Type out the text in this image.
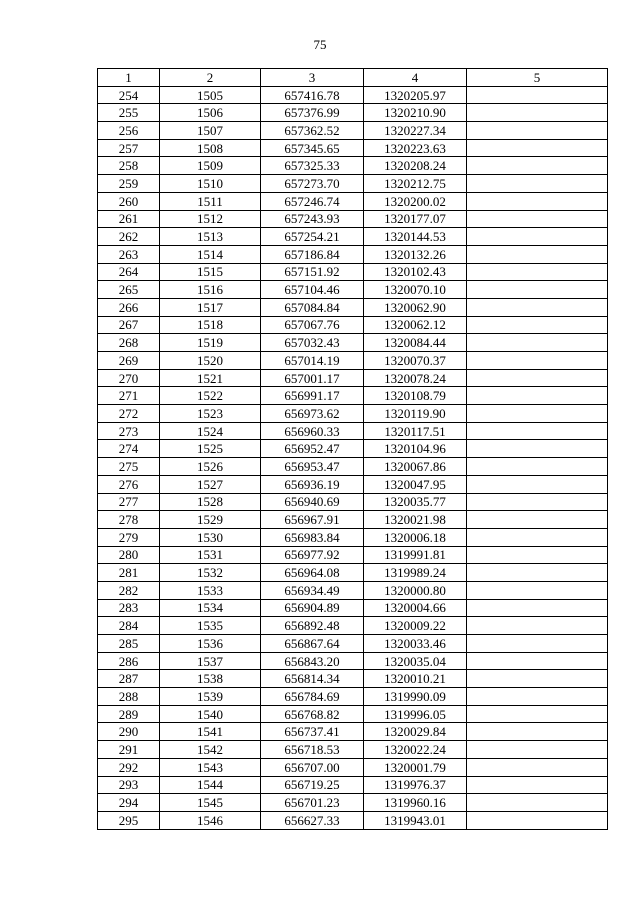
75
1	2	3	4	5
254	1505	657416.78	1320205.97	
255	1506	657376.99	1320210.90	
256	1507	657362.52	1320227.34	
257	1508	657345.65	1320223.63	
258	1509	657325.33	1320208.24	
259	1510	657273.70	1320212.75	
260	1511	657246.74	1320200.02	
261	1512	657243.93	1320177.07	
262	1513	657254.21	1320144.53	
263	1514	657186.84	1320132.26	
264	1515	657151.92	1320102.43	
265	1516	657104.46	1320070.10	
266	1517	657084.84	1320062.90	
267	1518	657067.76	1320062.12	
268	1519	657032.43	1320084.44	
269	1520	657014.19	1320070.37	
270	1521	657001.17	1320078.24	
271	1522	656991.17	1320108.79	
272	1523	656973.62	1320119.90	
273	1524	656960.33	1320117.51	
274	1525	656952.47	1320104.96	
275	1526	656953.47	1320067.86	
276	1527	656936.19	1320047.95	
277	1528	656940.69	1320035.77	
278	1529	656967.91	1320021.98	
279	1530	656983.84	1320006.18	
280	1531	656977.92	1319991.81	
281	1532	656964.08	1319989.24	
282	1533	656934.49	1320000.80	
283	1534	656904.89	1320004.66	
284	1535	656892.48	1320009.22	
285	1536	656867.64	1320033.46	
286	1537	656843.20	1320035.04	
287	1538	656814.34	1320010.21	
288	1539	656784.69	1319990.09	
289	1540	656768.82	1319996.05	
290	1541	656737.41	1320029.84	
291	1542	656718.53	1320022.24	
292	1543	656707.00	1320001.79	
293	1544	656719.25	1319976.37	
294	1545	656701.23	1319960.16	
295	1546	656627.33	1319943.01	
